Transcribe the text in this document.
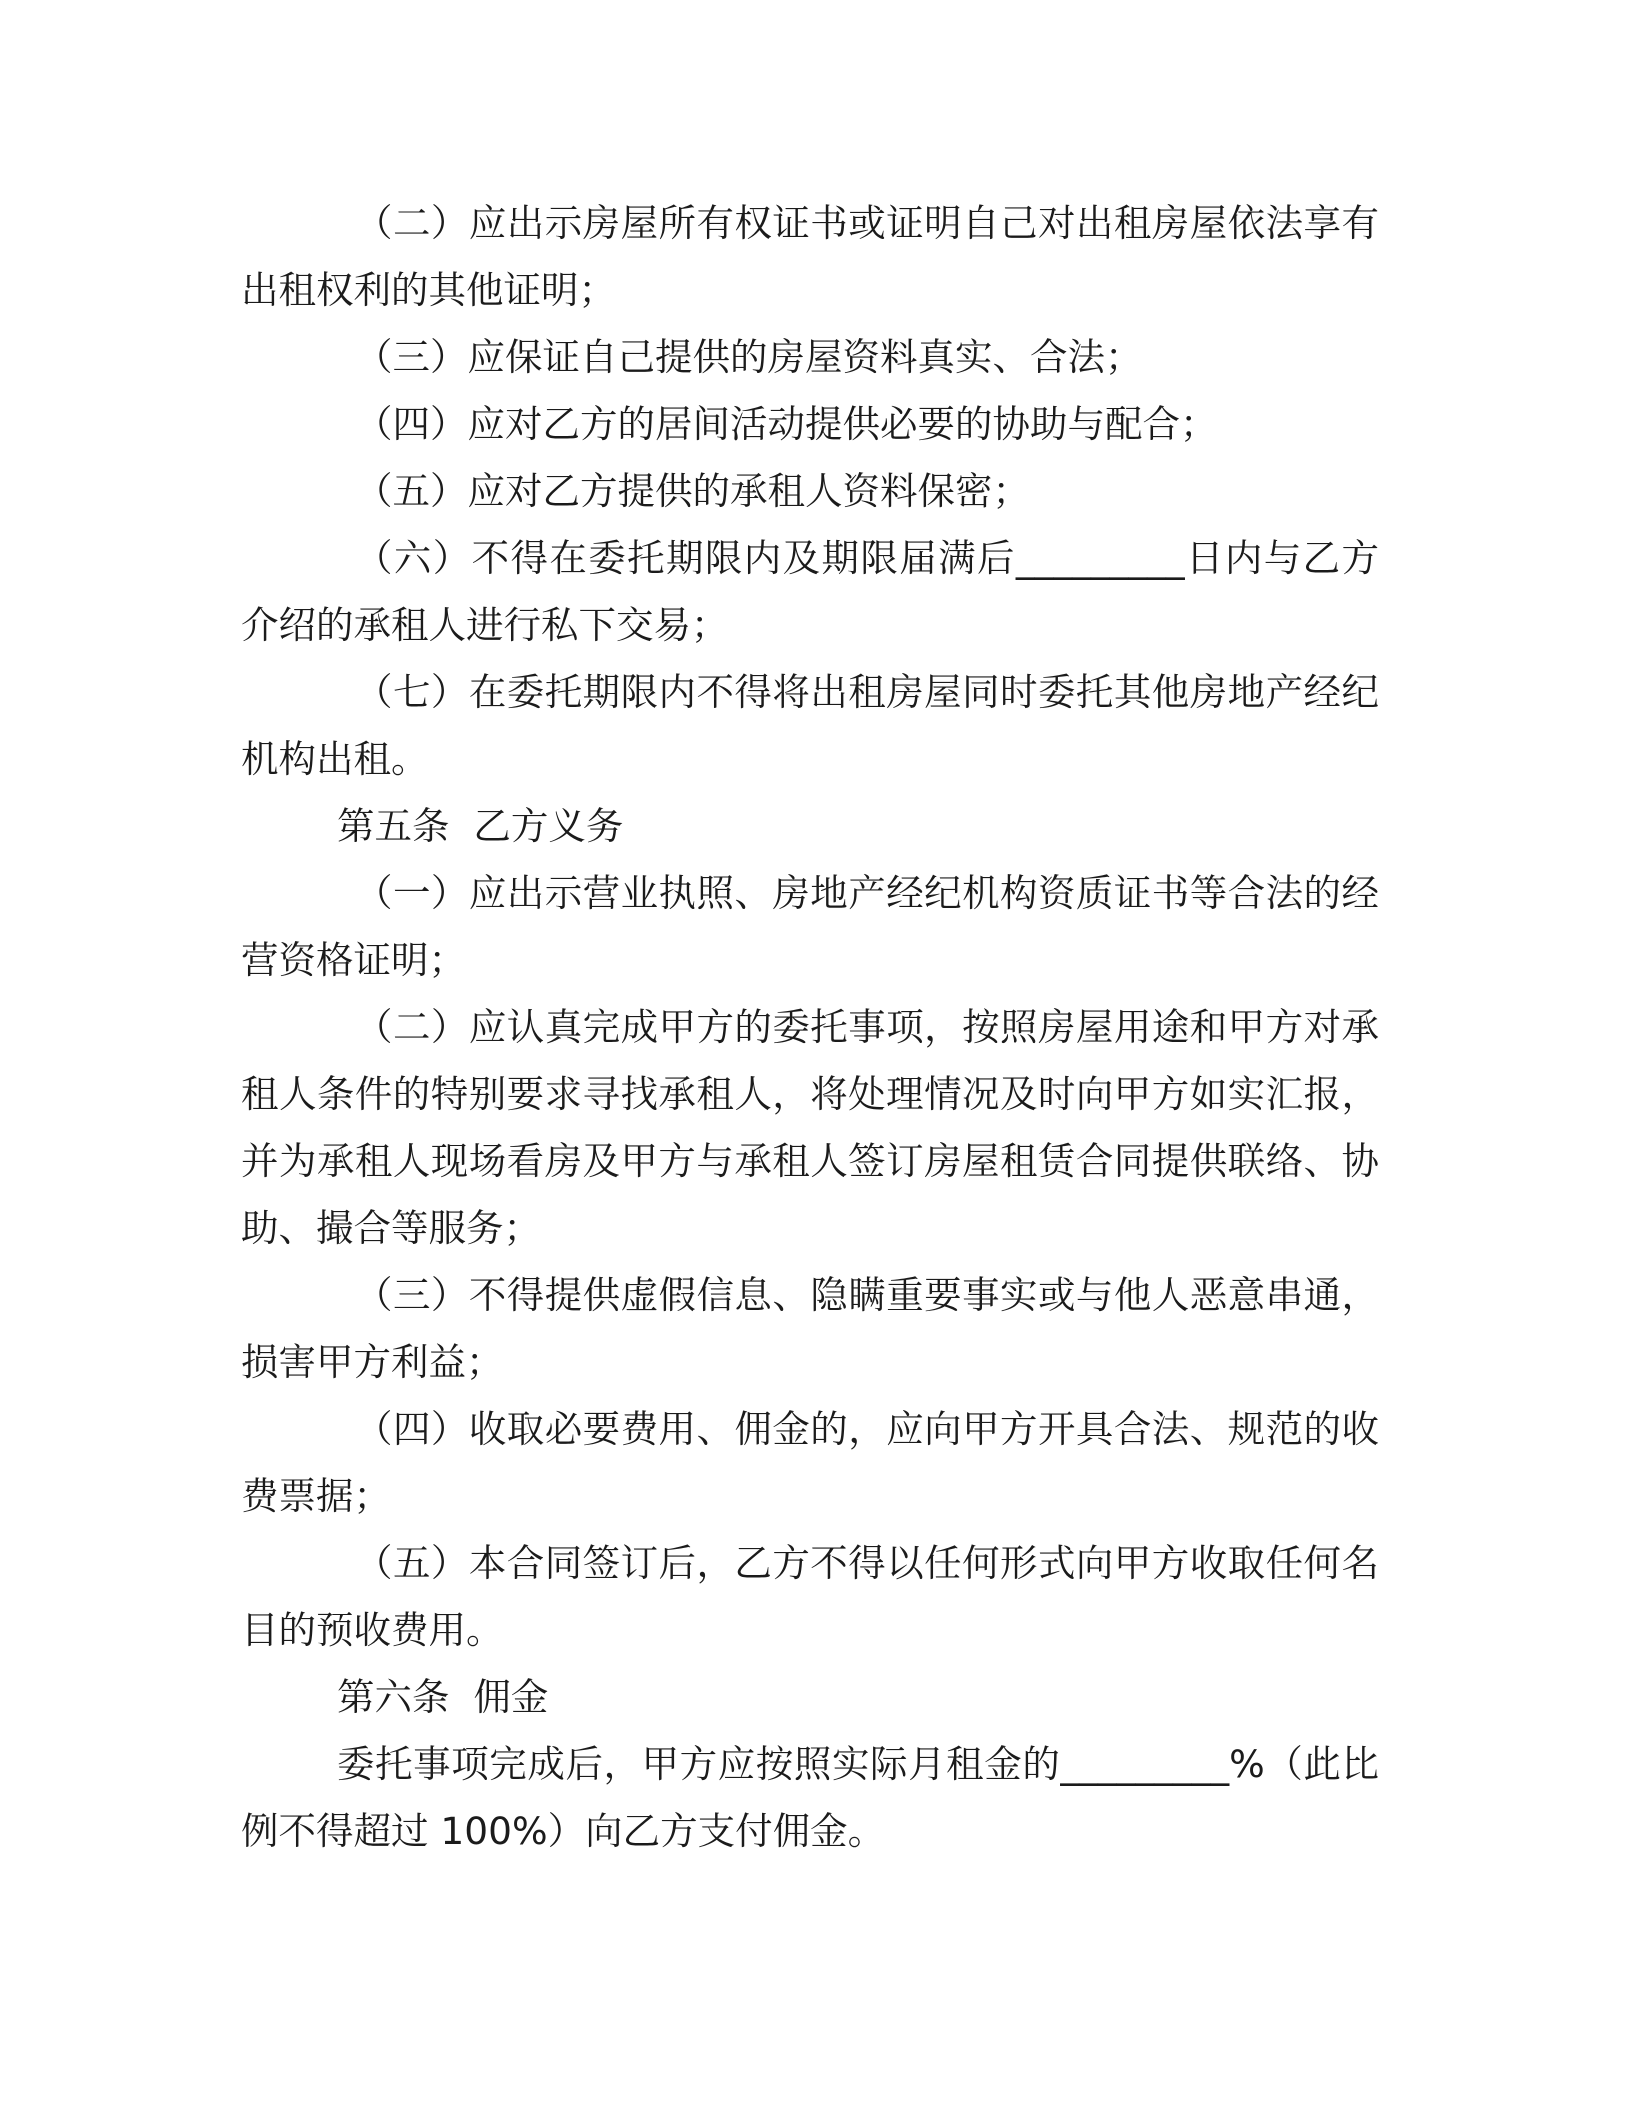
（二）应出示房屋所有权证书或证明自己对出租房屋依法享有出租权利的其他证明；

（三）应保证自己提供的房屋资料真实、合法；

（四）应对乙方的居间活动提供必要的协助与配合；

（五）应对乙方提供的承租人资料保密；

（六）不得在委托期限内及期限届满后_________日内与乙方介绍的承租人进行私下交易；

（七）在委托期限内不得将出租房屋同时委托其他房地产经纪机构出租。

第五条  乙方义务

（一）应出示营业执照、房地产经纪机构资质证书等合法的经营资格证明；

（二）应认真完成甲方的委托事项，按照房屋用途和甲方对承租人条件的特别要求寻找承租人，将处理情况及时向甲方如实汇报，并为承租人现场看房及甲方与承租人签订房屋租赁合同提供联络、协助、撮合等服务；

（三）不得提供虚假信息、隐瞒重要事实或与他人恶意串通，损害甲方利益；

（四）收取必要费用、佣金的，应向甲方开具合法、规范的收费票据；

（五）本合同签订后，乙方不得以任何形式向甲方收取任何名目的预收费用。

第六条  佣金

委托事项完成后，甲方应按照实际月租金的_________%（此比例不得超过 100%）向乙方支付佣金。
